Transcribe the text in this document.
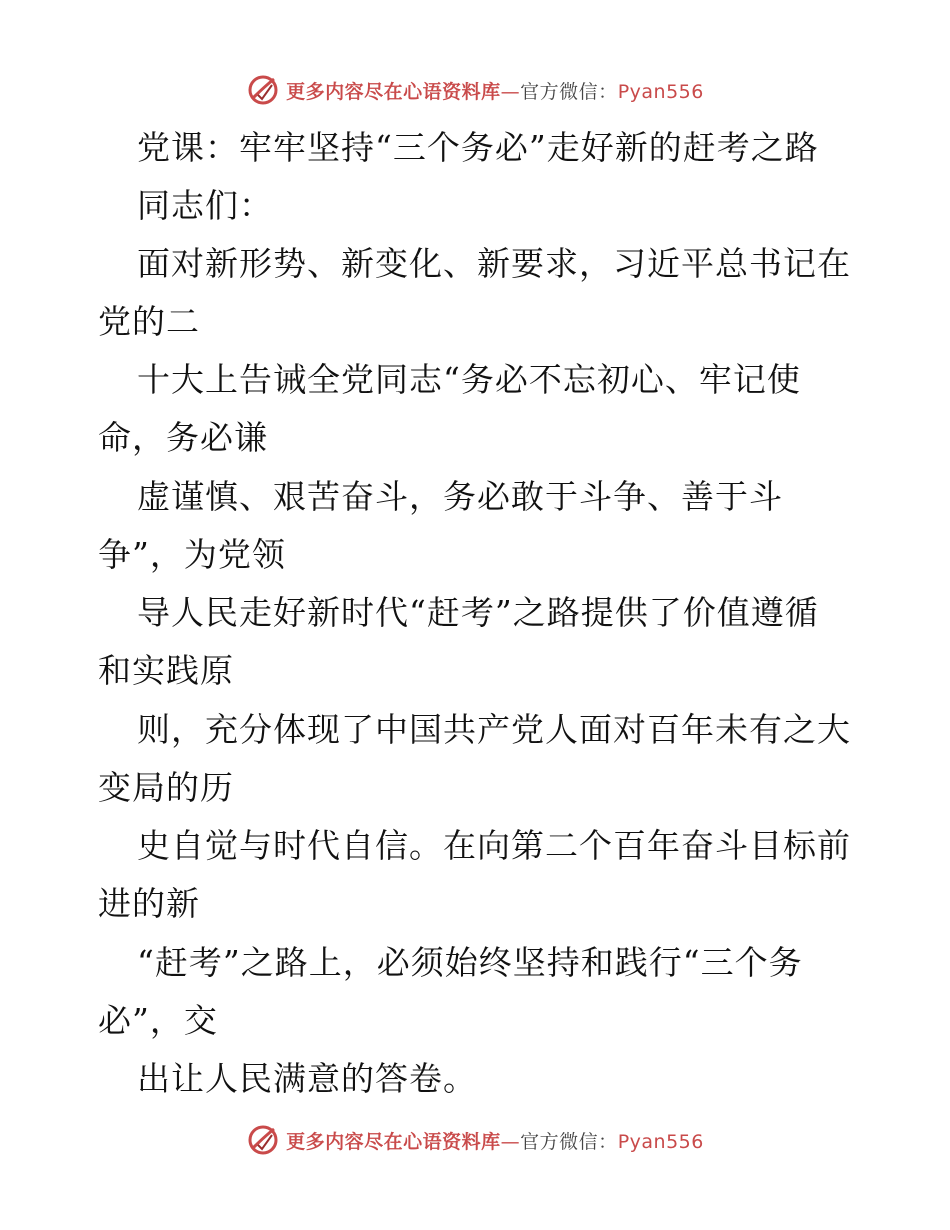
更多内容尽在心语资料库—官方微信：Pyan556
党课：牢牢坚持“三个务必”走好新的赶考之路
同志们：
面对新形势、新变化、新要求，习近平总书记在
党的二
十大上告诫全党同志“务必不忘初心、牢记使
命，务必谦
虚谨慎、艰苦奋斗，务必敢于斗争、善于斗
争”，为党领
导人民走好新时代“赶考”之路提供了价值遵循
和实践原
则，充分体现了中国共产党人面对百年未有之大
变局的历
史自觉与时代自信。在向第二个百年奋斗目标前
进的新
“赶考”之路上，必须始终坚持和践行“三个务
必”，交
出让人民满意的答卷。
更多内容尽在心语资料库—官方微信：Pyan556
